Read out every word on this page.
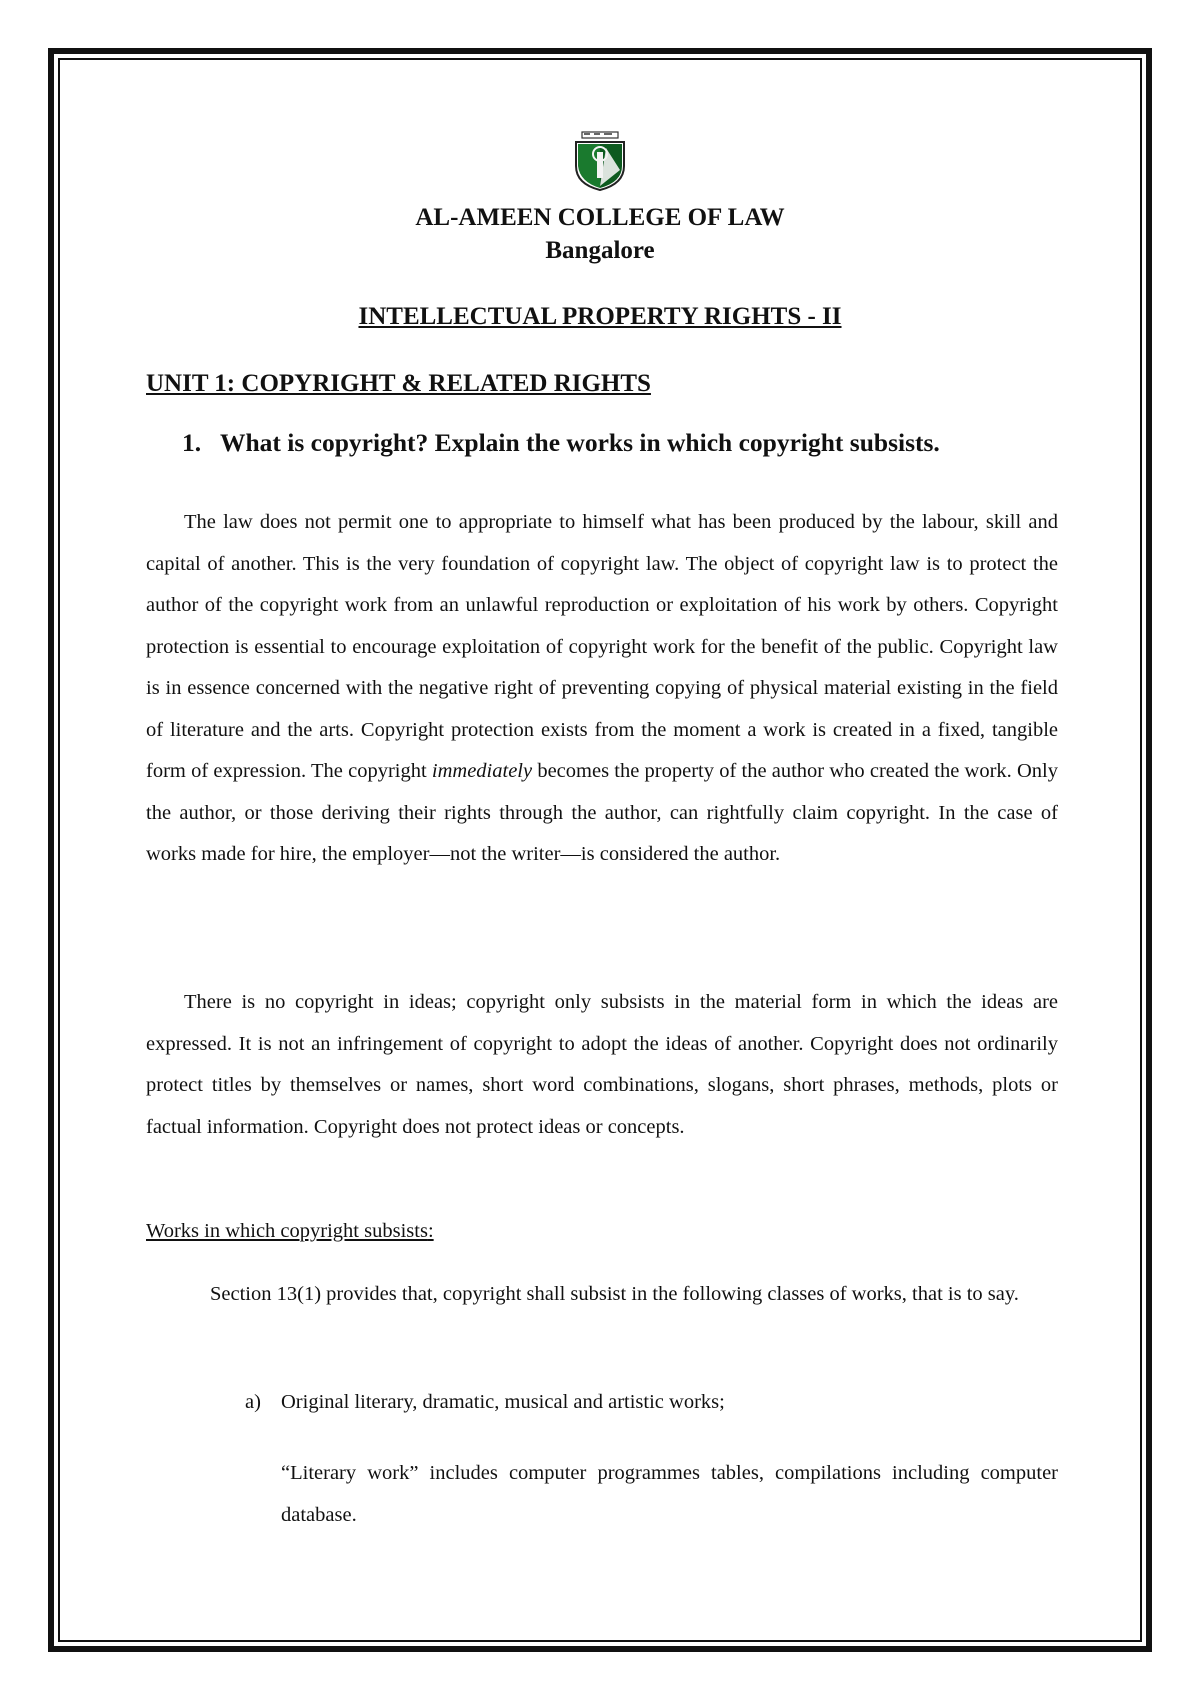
AL-AMEEN COLLEGE OF LAW
Bangalore
INTELLECTUAL PROPERTY RIGHTS - II
UNIT 1: COPYRIGHT & RELATED RIGHTS
1. What is copyright? Explain the works in which copyright subsists.

The law does not permit one to appropriate to himself what has been produced by the labour, skill and capital of another. This is the very foundation of copyright law. The object of copyright law is to protect the author of the copyright work from an unlawful reproduction or exploitation of his work by others. Copyright protection is essential to encourage exploitation of copyright work for the benefit of the public. Copyright law is in essence concerned with the negative right of preventing copying of physical material existing in the field of literature and the arts. Copyright protection exists from the moment a work is created in a fixed, tangible form of expression. The copyright immediately becomes the property of the author who created the work. Only the author, or those deriving their rights through the author, can rightfully claim copyright. In the case of works made for hire, the employer—not the writer—is considered the author.

There is no copyright in ideas; copyright only subsists in the material form in which the ideas are expressed. It is not an infringement of copyright to adopt the ideas of another. Copyright does not ordinarily protect titles by themselves or names, short word combinations, slogans, short phrases, methods, plots or factual information. Copyright does not protect ideas or concepts.

Works in which copyright subsists:

Section 13(1) provides that, copyright shall subsist in the following classes of works, that is to say.

a) Original literary, dramatic, musical and artistic works;

“Literary work” includes computer programmes tables, compilations including computer database.
